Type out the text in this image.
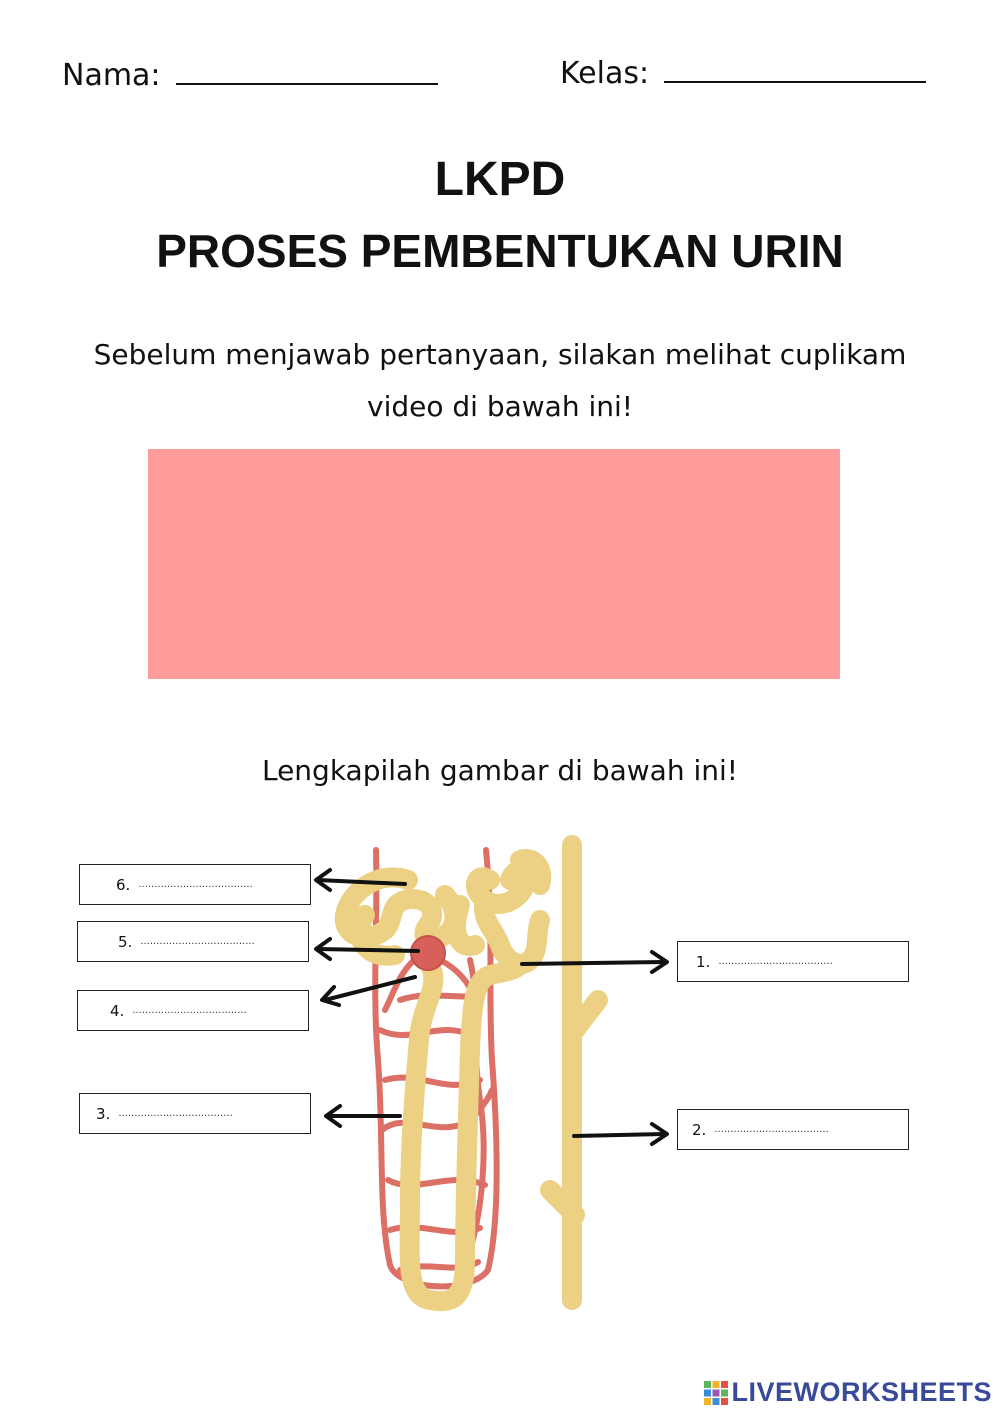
Nama:	Kelas:
LKPD
PROSES PEMBENTUKAN URIN
Sebelum menjawab pertanyaan, silakan melihat cuplikam
video di bawah ini!
Lengkapilah gambar di bawah ini!
6. ....................................
5. ....................................
4. ....................................
3. ....................................
1. ....................................
2. ....................................
LIVEWORKSHEETS
